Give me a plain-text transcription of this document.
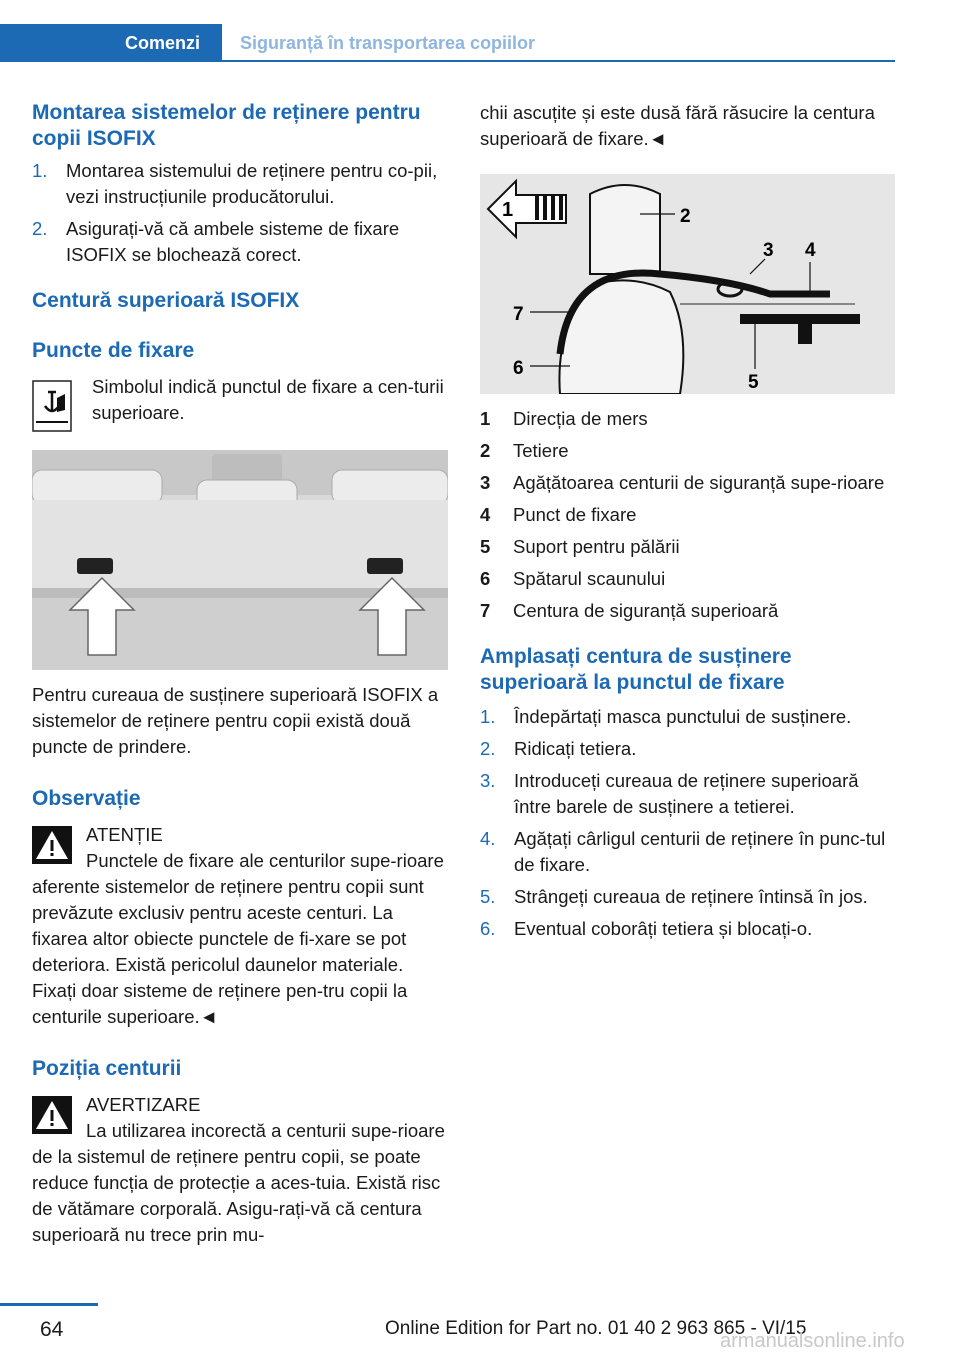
Comenzi	Siguranță în transportarea copiilor
Montarea sistemelor de reținere pentru copii ISOFIX
1. Montarea sistemului de reținere pentru co‐pii, vezi instrucțiunile producătorului.
2. Asigurați-vă că ambele sisteme de fixare ISOFIX se blochează corect.
Centură superioară ISOFIX
Puncte de fixare

Simbolul indică punctul de fixare a cen‐turii superioare.

Pentru cureaua de susținere superioară ISOFIX a sistemelor de reținere pentru copii există două puncte de prindere.

Observație

ATENȚIE

Punctele de fixare ale centurilor supe‐rioare aferente sistemelor de reținere pentru copii sunt prevăzute exclusiv pentru aceste centuri. La fixarea altor obiecte punctele de fi‐xare se pot deteriora. Există pericolul daunelor materiale. Fixați doar sisteme de reținere pen‐tru copii la centurile superioare.◄

Poziția centurii

AVERTIZARE

La utilizarea incorectă a centurii supe‐rioare de la sistemul de reținere pentru copii, se poate reduce funcția de protecție a aces‐tuia. Există risc de vătămare corporală. Asigu‐rați-vă că centura superioară nu trece prin mu‐

chii ascuțite și este dusă fără răsucire la centura superioară de fixare.◄

1	2
3 4
5
6
7
1 Direcția de mers
2 Tetiere
3 Agățătoarea centurii de siguranță supe‐rioare
4 Punct de fixare
5 Suport pentru pălării
6 Spătarul scaunului
7 Centura de siguranță superioară
Amplasați centura de susținere superioară la punctul de fixare
1. Îndepărtați masca punctului de susținere.
2. Ridicați tetiera.
3. Introduceți cureaua de reținere superioară între barele de susținere a tetierei.
4. Agățați cârligul centurii de reținere în punc‐tul de fixare.
5. Strângeți cureaua de reținere întinsă în jos.
6. Eventual coborâți tetiera și blocați-o.
64	Online Edition for Part no. 01 40 2 963 865 - VI/15
armanualsonline.info
